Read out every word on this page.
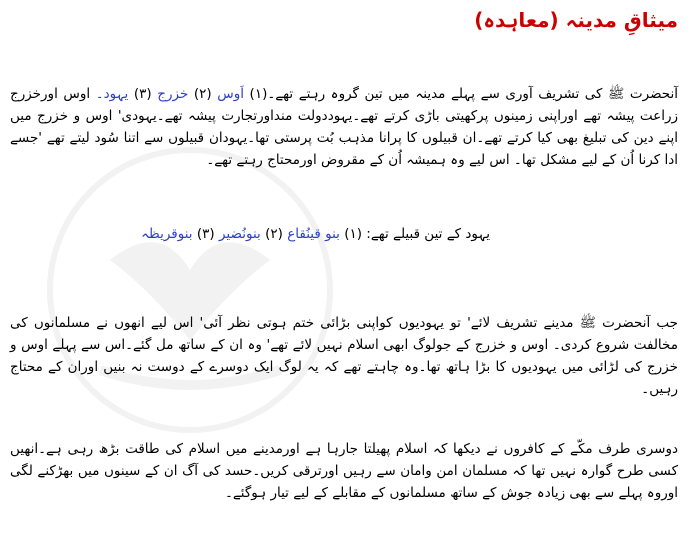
میثاقِ مدینہ (معاہدہ)
آنحضرت ﷺ کی تشریف آوری سے پہلے مدینہ میں تین گروہ رہتے تھے۔(۱) اَوس (۲) خزرج (۳) یہود۔ اوس اورخزرج زراعت پیشہ تھے اوراپنی زمینوں پرکھیتی باڑی کرتے تھے۔یہوددولت منداورتجارت پیشہ تھے۔یہودی' اوس و خزرج میں اپنے دین کی تبلیغ بھی کیا کرتے تھے۔ان قبیلوں کا پرانا مذہب بُت پرستی تھا۔یہودان قبیلوں سے اتنا سُود لیتے تھے 'جسے ادا کرنا اُن کے لیے مشکل تھا۔ اس لیے وہ ہمیشہ اُن کے مقروض اورمحتاج رہتے تھے۔
یہود کے تین قبیلے تھے: (۱) بنو قینُقاع (۲) بنونُضیر (۳) بنوقریظہ
جب آنحضرت ﷺ مدینے تشریف لائے' تو یہودیوں کواپنی بڑائی ختم ہوتی نظر آئی' اس لیے انھوں نے مسلمانوں کی مخالفت شروع کردی۔ اوس و خزرج کے جولوگ ابھی اسلام نہیں لائے تھے' وہ ان کے ساتھ مل گئے۔اس سے پہلے اوس و خزرج کی لڑائی میں یہودیوں کا بڑا ہاتھ تھا۔وہ چاہتے تھے کہ یہ لوگ ایک دوسرے کے دوست نہ بنیں اوران کے محتاج رہیں۔
دوسری طرف مکّے کے کافروں نے دیکھا کہ اسلام پھیلتا جارہا ہے اورمدینے میں اسلام کی طاقت بڑھ رہی ہے۔انھیں کسی طرح گوارہ نہیں تھا کہ مسلمان امن وامان سے رہیں اورترقی کریں۔حسد کی آگ ان کے سینوں میں بھڑکنے لگی اوروہ پہلے سے بھی زیادہ جوش کے ساتھ مسلمانوں کے مقابلے کے لیے تیار ہوگئے۔
